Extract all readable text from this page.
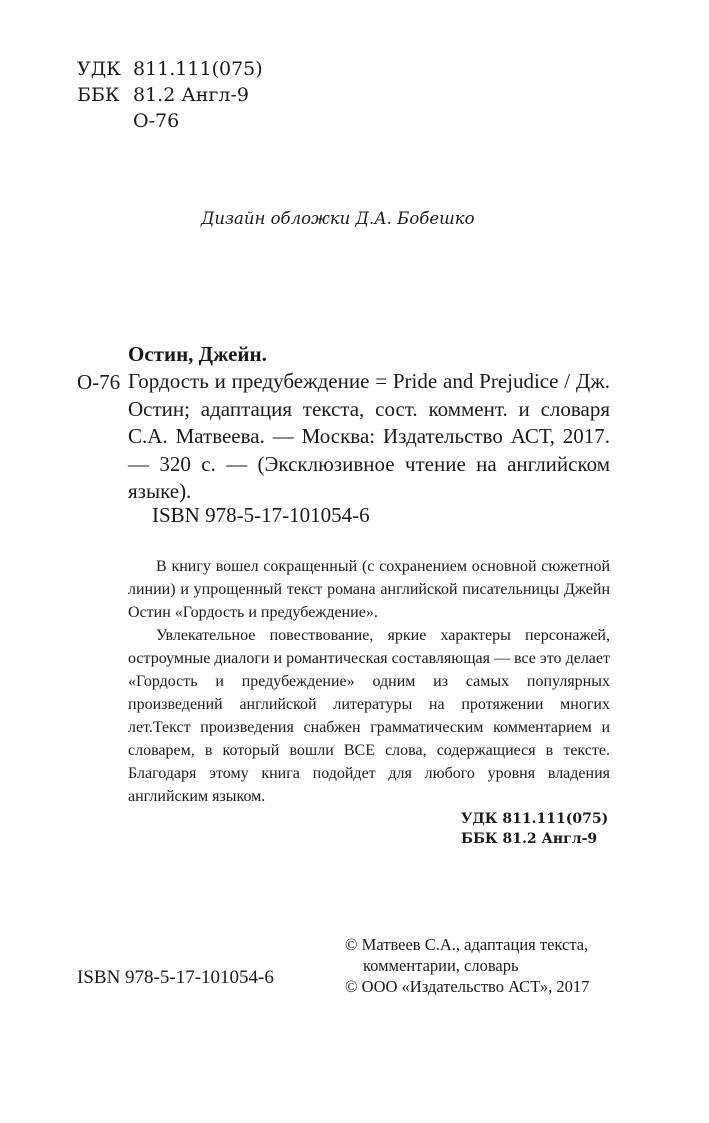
УДК 811.111(075)
ББК 81.2 Англ-9
О-76
Дизайн обложки Д.А. Бобешко
Остин, Джейн.
О-76 Гордость и предубеждение = Pride and Prejudice / Дж. Остин; адаптация текста, сост. коммент. и словаря С.А. Матвеева. — Москва: Издательство АСТ, 2017. — 320 с. — (Эксклюзивное чтение на английском языке).
ISBN 978-5-17-101054-6

В книгу вошел сокращенный (с сохранением основной сюжетной линии) и упрощенный текст романа английской писательницы Джейн Остин «Гордость и предубеждение».

Увлекательное повествование, яркие характеры персонажей, остроумные диалоги и романтическая составляющая — все это делает «Гордость и предубеждение» одним из самых популярных произведений английской литературы на протяжении многих лет.Текст произведения снабжен грамматическим комментарием и словарем, в который вошли ВСЕ слова, содержащиеся в тексте. Благодаря этому книга подойдет для любого уровня владения английским языком.

УДК 811.111(075)
ББК 81.2 Англ-9
ISBN 978-5-17-101054-6
© Матвеев С.А., адаптация текста,
комментарии, словарь
© ООО «Издательство АСТ», 2017
